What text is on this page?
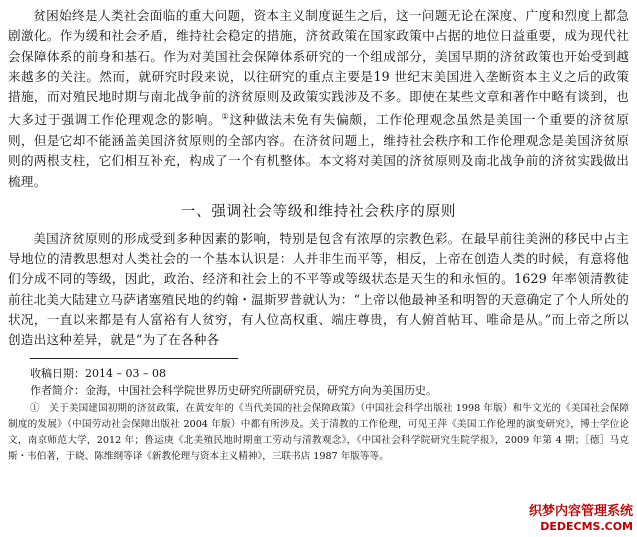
贫困始终是人类社会面临的重大问题，资本主义制度诞生之后，这一问题无论在深度、广度和烈度上都急剧激化。作为缓和社会矛盾，维持社会稳定的措施，济贫政策在国家政策中占据的地位日益重要，成为现代社会保障体系的前身和基石。作为对美国社会保障体系研究的一个组成部分，美国早期的济贫政策也开始受到越来越多的关注。然而，就研究时段来说，以往研究的重点主要是19 世纪末美国进入垄断资本主义之后的政策措施，而对殖民地时期与南北战争前的济贫原则及政策实践涉及不多。即使在某些文章和著作中略有谈到，也大多过于强调工作伦理观念的影响。①这种做法未免有失偏颇，工作伦理观念虽然是美国一个重要的济贫原则，但是它却不能涵盖美国济贫原则的全部内容。在济贫问题上，维持社会秩序和工作伦理观念是美国济贫原则的两根支柱，它们相互补充，构成了一个有机整体。本文将对美国的济贫原则及南北战争前的济贫实践做出梳理。

一、强调社会等级和维持社会秩序的原则

美国济贫原则的形成受到多种因素的影响，特别是包含有浓厚的宗教色彩。在最早前往美洲的移民中占主导地位的清教思想对人类社会的一个基本认识是：人并非生而平等，相反，上帝在创造人类的时候，有意将他们分成不同的等级，因此，政治、经济和社会上的不平等或等级状态是天生的和永恒的。1629 年率领清教徒前往北美大陆建立马萨诸塞殖民地的约翰・温斯罗普就认为：“上帝以他最神圣和明智的天意确定了个人所处的状况，一直以来都是有人富裕有人贫穷，有人位高权重、端庄尊贵，有人俯首帖耳、唯命是从。”而上帝之所以创造出这种差异，就是“为了在各种各

收稿日期：2014 – 03 – 08

作者简介：金海，中国社会科学院世界历史研究所副研究员，研究方向为美国历史。

①　关于美国建国初期的济贫政策，在黄安年的《当代美国的社会保障政策》（中国社会科学出版社 1998 年版）和牛文光的《美国社会保障制度的发展》（中国劳动社会保障出版社 2004 年版）中都有所涉及。关于清教的工作伦理，可见王萍《美国工作伦理的演变研究》，博士学位论文，南京师范大学，2012 年；鲁运庚《北美殖民地时期童工劳动与清教观念》，《中国社会科学院研究生院学报》，2009 年第 4 期；［德］马克斯・韦伯著，于晓、陈维纲等译《新教伦理与资本主义精神》，三联书店 1987 年版等等。

织梦内容管理系统
DEDECMS.COM
